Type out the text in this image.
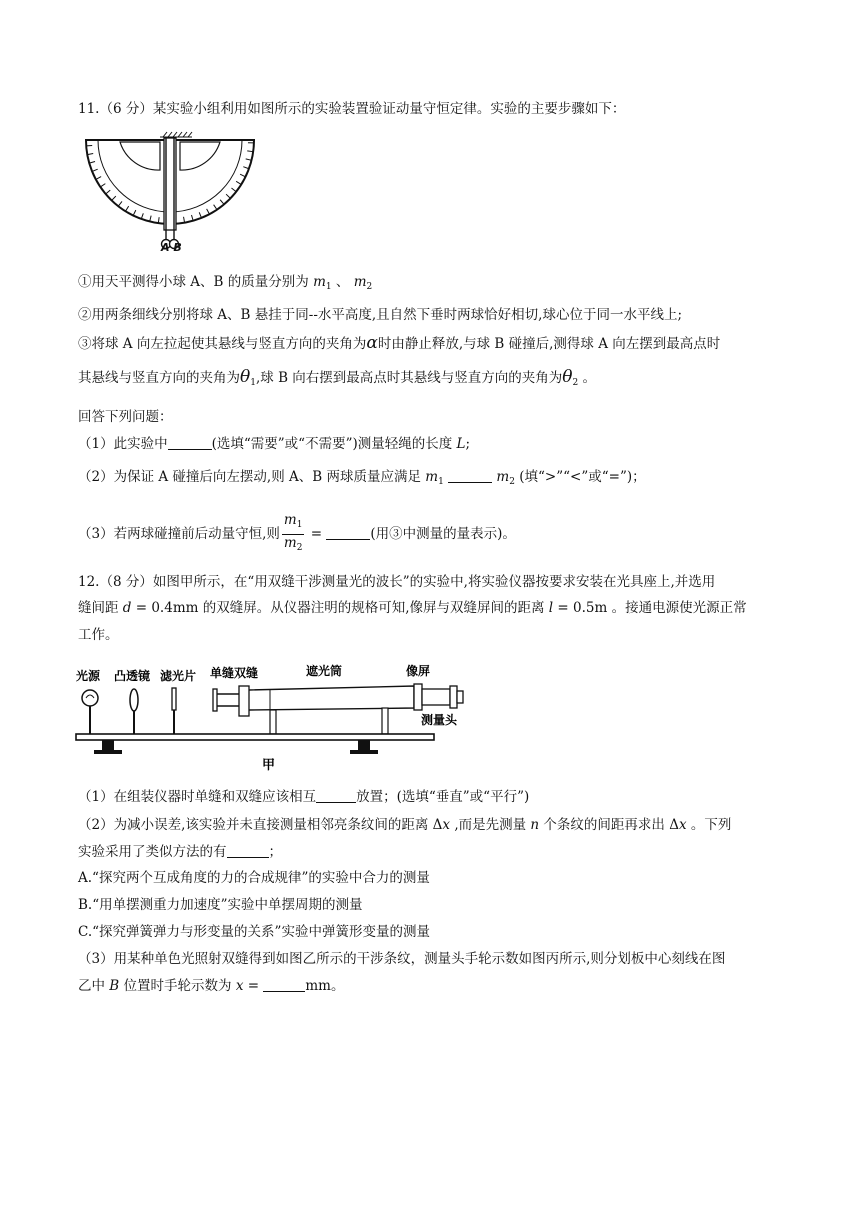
11.（6 分）某实验小组利用如图所示的实验装置验证动量守恒定律。实验的主要步骤如下：
A B
①用天平测得小球 A、B 的质量分别为 $m_1$ 、 $m_2$
②用两条细线分别将球 A、B 悬挂于同--水平高度,且自然下垂时两球恰好相切,球心位于同一水平线上;
③将球 A 向左拉起使其悬线与竖直方向的夹角为α时由静止释放,与球 B 碰撞后,测得球 A 向左摆到最高点时
其悬线与竖直方向的夹角为$\theta_1$,球 B 向右摆到最高点时其悬线与竖直方向的夹角为$\theta_2$ 。
回答下列问题：
（1）此实验中	(选填“需要”或“不需要”)测量轻绳的长度 L;
（2）为保证 A 碰撞后向左摆动,则 A、B 两球质量应满足 $m_1$	$m_2$ (填“>”“<”或“=”)；
（3）若两球碰撞前后动量守恒,则 $\frac{m_1}{m_2}$ =	(用③中测量的量表示)。
12.（8 分）如图甲所示，在“用双缝干涉测量光的波长”的实验中,将实验仪器按要求安装在光具座上,并选用
缝间距 d = 0.4mm 的双缝屏。从仪器注明的规格可知,像屏与双缝屏间的距离 l = 0.5m 。接通电源使光源正常
工作。
光源 凸透镜 滤光片 单缝双缝	遮光筒	像屏
测量头
甲
（1）在组装仪器时单缝和双缝应该相互	放置；(选填“垂直”或“平行”)
（2）为减小误差,该实验并未直接测量相邻亮条纹间的距离 Δx ,而是先测量 n 个条纹的间距再求出 Δx 。下列
实验采用了类似方法的有	；
A.“探究两个互成角度的力的合成规律”的实验中合力的测量
B.“用单摆测重力加速度”实验中单摆周期的测量
C.“探究弹簧弹力与形变量的关系”实验中弹簧形变量的测量
（3）用某种单色光照射双缝得到如图乙所示的干涉条纹，测量头手轮示数如图丙所示,则分划板中心刻线在图
乙中 B 位置时手轮示数为 x =	mm。
